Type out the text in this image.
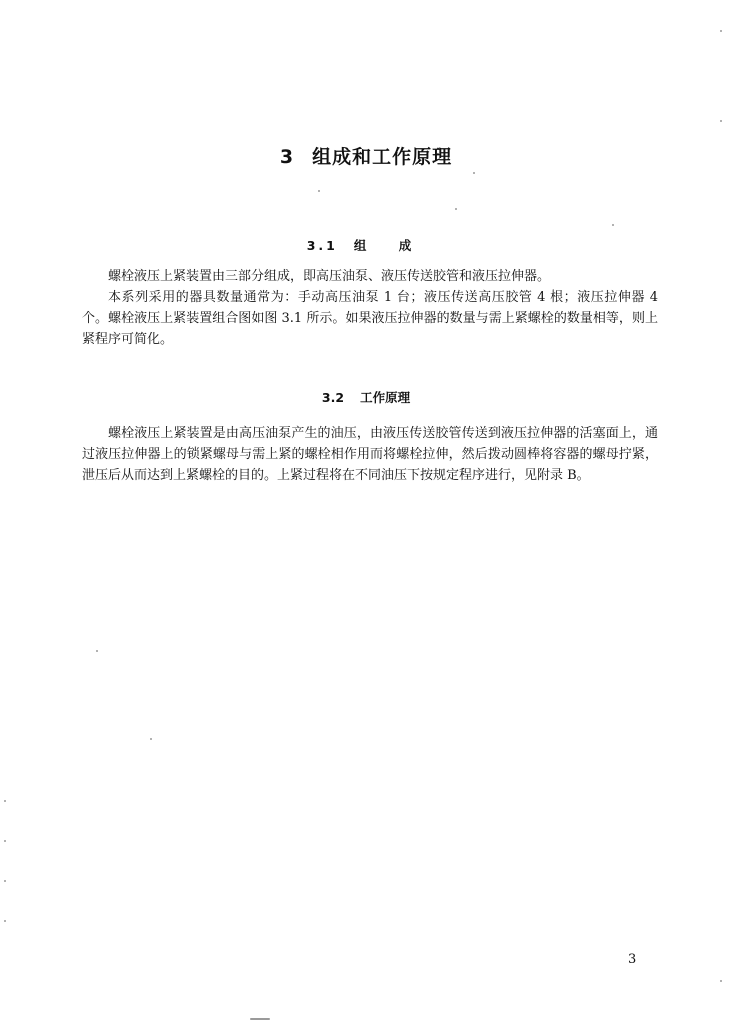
3 组成和工作原理
3.1 组 成

螺栓液压上紧装置由三部分组成，即高压油泵、液压传送胶管和液压拉伸器。

本系列采用的器具数量通常为：手动高压油泵 1 台；液压传送高压胶管 4 根；液压拉伸器 4 个。螺栓液压上紧装置组合图如图 3.1 所示。如果液压拉伸器的数量与需上紧螺栓的数量相等，则上紧程序可简化。

3.2 工作原理

螺栓液压上紧装置是由高压油泵产生的油压，由液压传送胶管传送到液压拉伸器的活塞面上，通过液压拉伸器上的锁紧螺母与需上紧的螺栓相作用而将螺栓拉伸，然后拨动圆棒将容器的螺母拧紧，泄压后从而达到上紧螺栓的目的。上紧过程将在不同油压下按规定程序进行，见附录 B。

3
